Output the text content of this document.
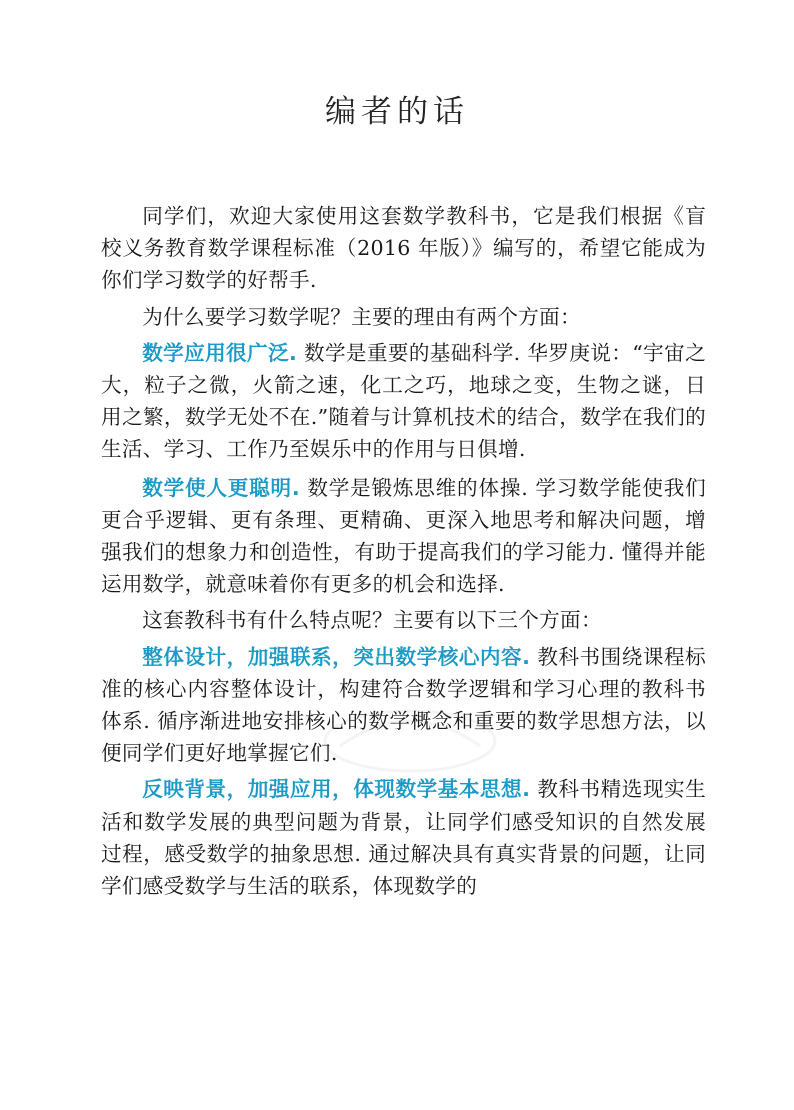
编者的话

同学们，欢迎大家使用这套数学教科书，它是我们根据《盲校义务教育数学课程标准（2016 年版）》编写的，希望它能成为你们学习数学的好帮手.

为什么要学习数学呢？主要的理由有两个方面：

数学应用很广泛. 数学是重要的基础科学. 华罗庚说：“宇宙之大，粒子之微，火箭之速，化工之巧，地球之变，生物之谜，日用之繁，数学无处不在.”随着与计算机技术的结合，数学在我们的生活、学习、工作乃至娱乐中的作用与日俱增.

数学使人更聪明. 数学是锻炼思维的体操. 学习数学能使我们更合乎逻辑、更有条理、更精确、更深入地思考和解决问题，增强我们的想象力和创造性，有助于提高我们的学习能力. 懂得并能运用数学，就意味着你有更多的机会和选择.

这套教科书有什么特点呢？主要有以下三个方面：

整体设计，加强联系，突出数学核心内容. 教科书围绕课程标准的核心内容整体设计，构建符合数学逻辑和学习心理的教科书体系. 循序渐进地安排核心的数学概念和重要的数学思想方法，以便同学们更好地掌握它们.

反映背景，加强应用，体现数学基本思想. 教科书精选现实生活和数学发展的典型问题为背景，让同学们感受知识的自然发展过程，感受数学的抽象思想. 通过解决具有真实背景的问题，让同学们感受数学与生活的联系，体现数学的
